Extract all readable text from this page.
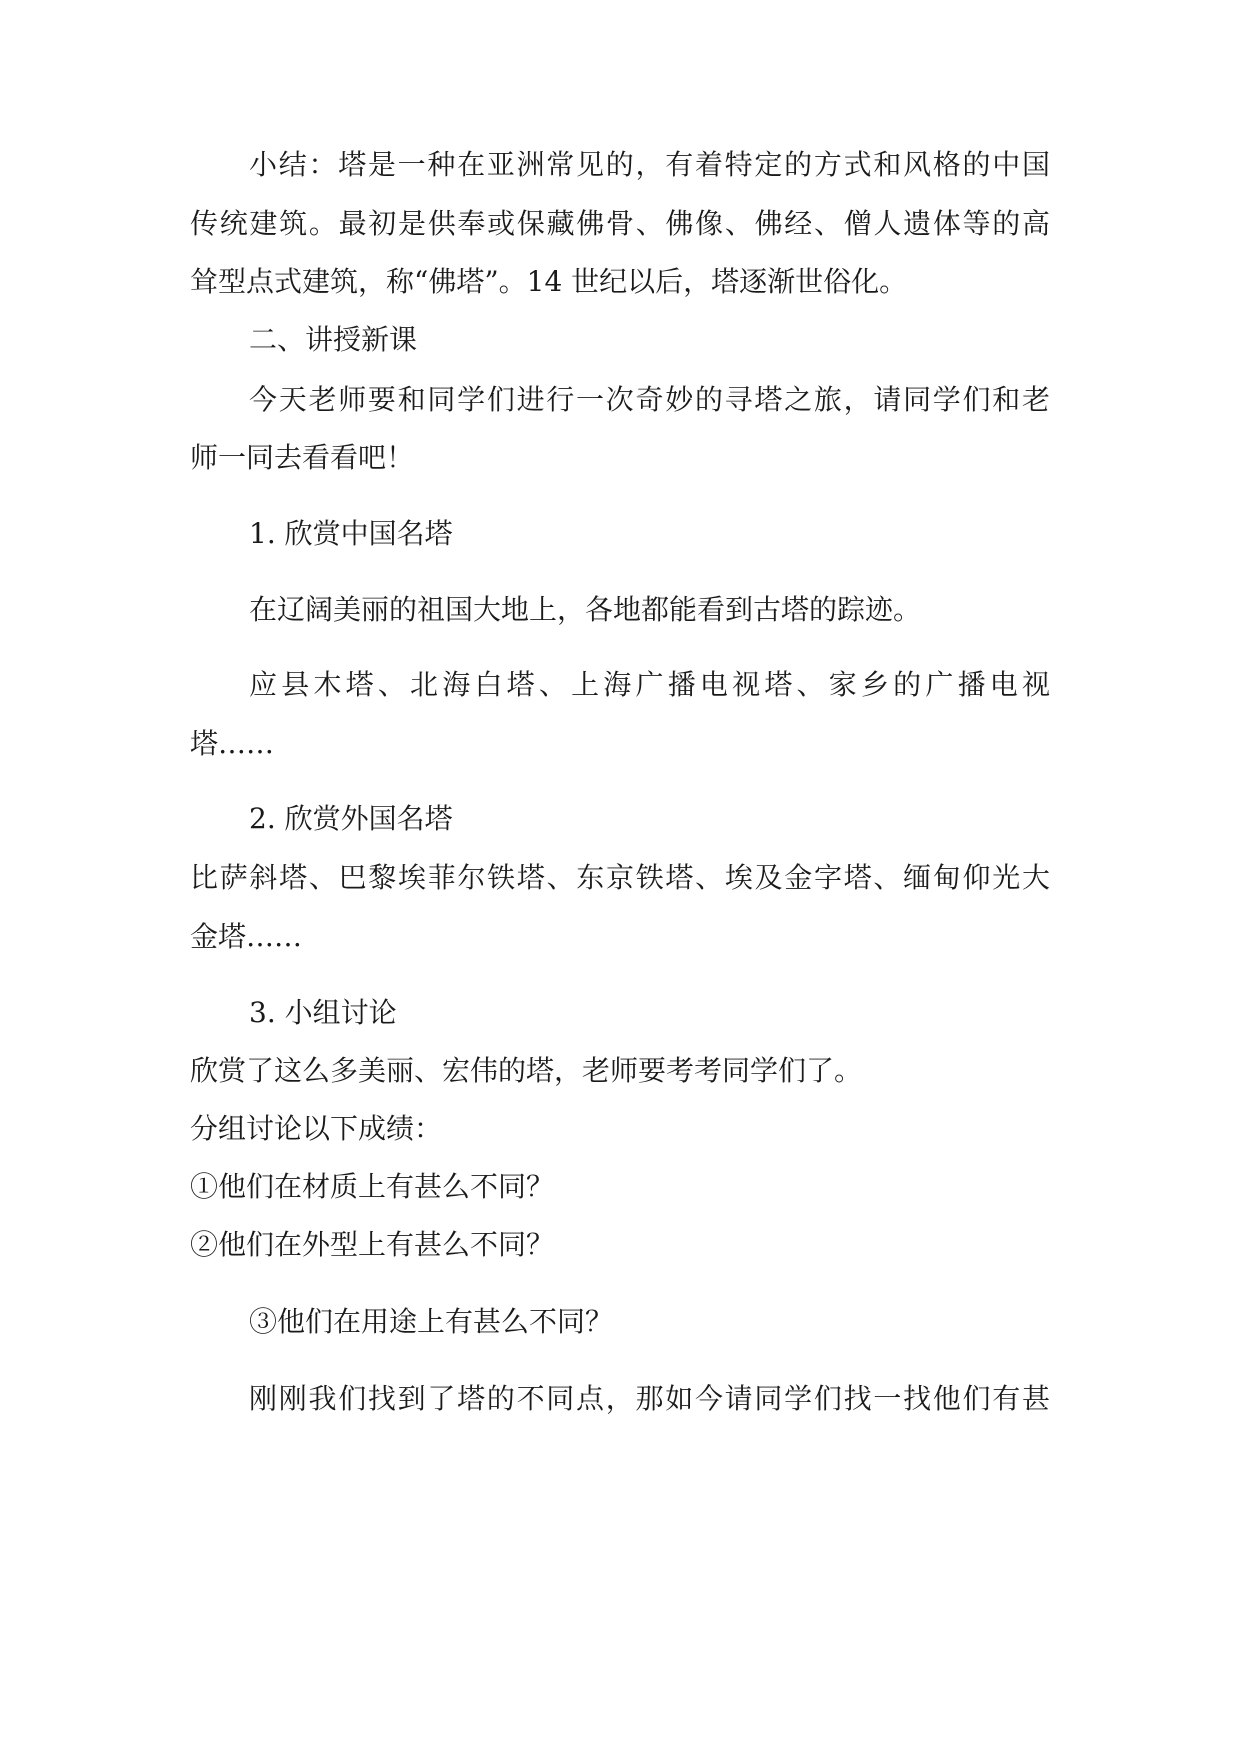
小结：塔是一种在亚洲常见的，有着特定的方式和风格的中国
传统建筑。最初是供奉或保藏佛骨、佛像、佛经、僧人遗体等的高
耸型点式建筑，称“佛塔”。14 世纪以后，塔逐渐世俗化。
二、讲授新课
今天老师要和同学们进行一次奇妙的寻塔之旅，请同学们和老
师一同去看看吧！
1. 欣赏中国名塔
在辽阔美丽的祖国大地上，各地都能看到古塔的踪迹。
应县木塔、北海白塔、上海广播电视塔、家乡的广播电视
塔……
2. 欣赏外国名塔
比萨斜塔、巴黎埃菲尔铁塔、东京铁塔、埃及金字塔、缅甸仰光大
金塔……
3. 小组讨论
欣赏了这么多美丽、宏伟的塔，老师要考考同学们了。
分组讨论以下成绩：
①他们在材质上有甚么不同？
②他们在外型上有甚么不同？
③他们在用途上有甚么不同？
刚刚我们找到了塔的不同点，那如今请同学们找一找他们有甚
